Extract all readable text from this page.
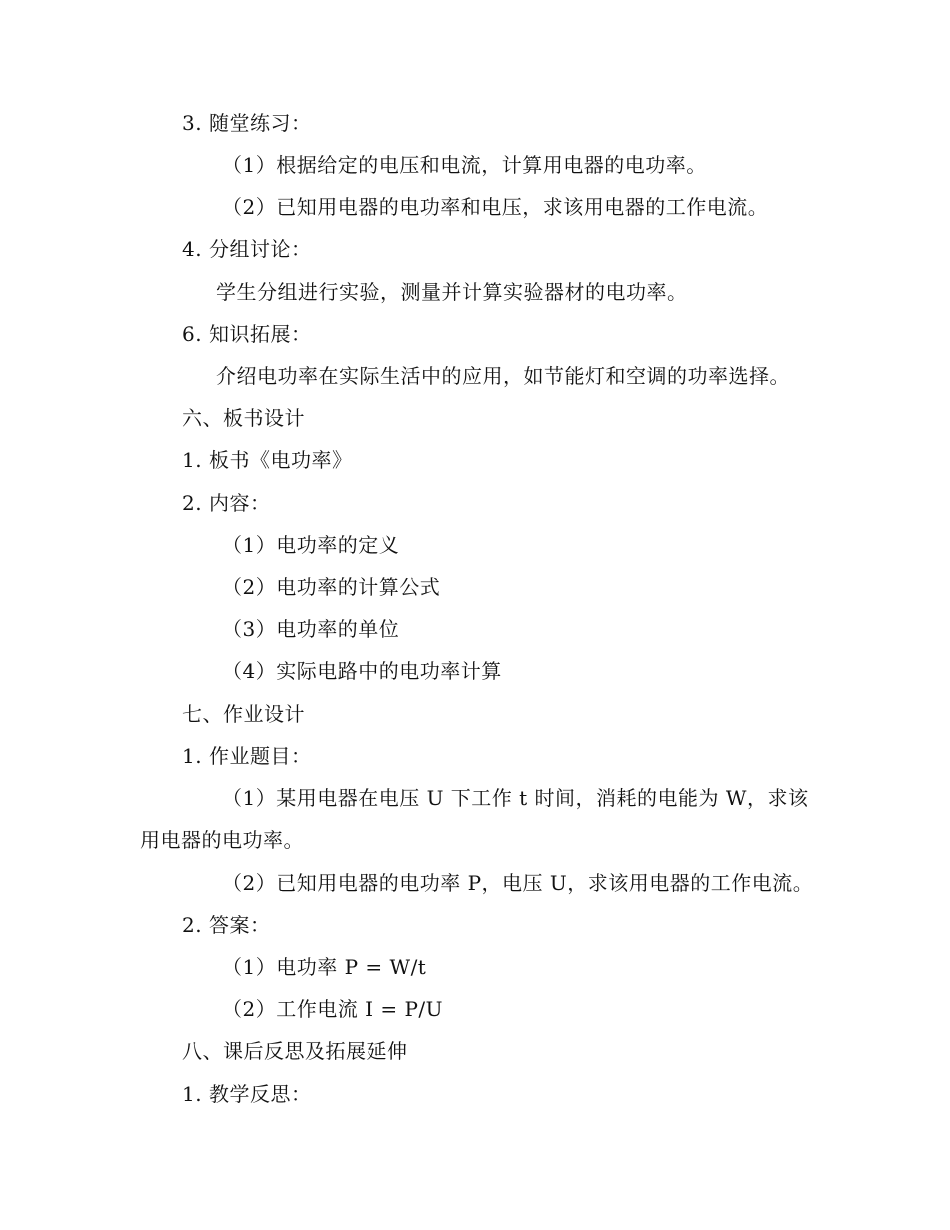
3. 随堂练习：
（1）根据给定的电压和电流，计算用电器的电功率。
（2）已知用电器的电功率和电压，求该用电器的工作电流。
4. 分组讨论：
学生分组进行实验，测量并计算实验器材的电功率。
6. 知识拓展：
介绍电功率在实际生活中的应用，如节能灯和空调的功率选择。
六、板书设计
1. 板书《电功率》
2. 内容：
（1）电功率的定义
（2）电功率的计算公式
（3）电功率的单位
（4）实际电路中的电功率计算
七、作业设计
1. 作业题目：
（1）某用电器在电压 U 下工作 t 时间，消耗的电能为 W，求该
用电器的电功率。
（2）已知用电器的电功率 P，电压 U，求该用电器的工作电流。
2. 答案：
（1）电功率 P = W/t
（2）工作电流 I = P/U
八、课后反思及拓展延伸
1. 教学反思：
